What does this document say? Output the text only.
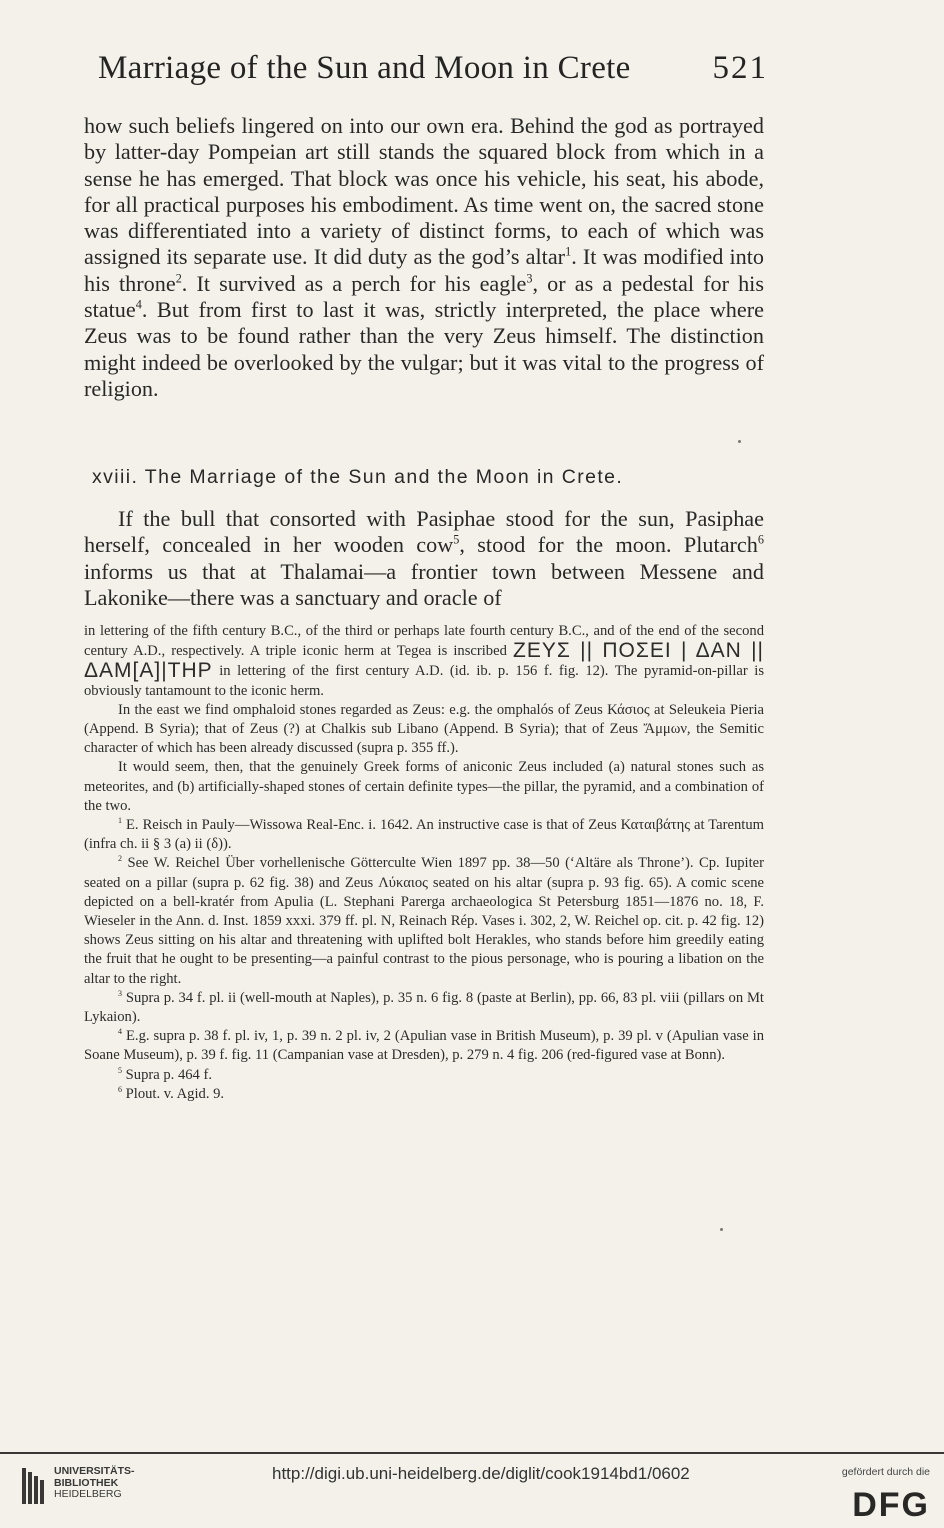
Marriage of the Sun and Moon in Crete 521

how such beliefs lingered on into our own era. Behind the god as portrayed by latter-day Pompeian art still stands the squared block from which in a sense he has emerged. That block was once his vehicle, his seat, his abode, for all practical purposes his embodiment. As time went on, the sacred stone was differentiated into a variety of distinct forms, to each of which was assigned its separate use. It did duty as the god’s altar$^1$. It was modified into his throne$^2$. It survived as a perch for his eagle$^3$, or as a pedestal for his statue$^4$. But from first to last it was, strictly interpreted, the place where Zeus was to be found rather than the very Zeus himself. The distinction might indeed be overlooked by the vulgar; but it was vital to the progress of religion.

xviii. The Marriage of the Sun and the Moon in Crete.

If the bull that consorted with Pasiphae stood for the sun, Pasiphae herself, concealed in her wooden cow$^5$, stood for the moon. Plutarch$^6$ informs us that at Thalamai—a frontier town between Messene and Lakonike—there was a sanctuary and oracle of

in lettering of the fifth century B.C., of the third or perhaps late fourth century B.C., and of the end of the second century A.D., respectively. A triple iconic herm at Tegea is inscribed ΖΕΥΣ || ΠΟΣΕΙ | ΔΑΝ || ΔΑΜ[Α]|ΤΗΡ in lettering of the first century A.D. (id. ib. p. 156 f. fig. 12). The pyramid-on-pillar is obviously tantamount to the iconic herm.

In the east we find omphaloid stones regarded as Zeus: e.g. the omphalós of Zeus Κάσιος at Seleukeia Pieria (Append. B Syria); that of Zeus (?) at Chalkis sub Libano (Append. B Syria); that of Zeus Ἄμμων, the Semitic character of which has been already discussed (supra p. 355 ff.).

It would seem, then, that the genuinely Greek forms of aniconic Zeus included (a) natural stones such as meteorites, and (b) artificially-shaped stones of certain definite types—the pillar, the pyramid, and a combination of the two.

$^1$ E. Reisch in Pauly—Wissowa Real-Enc. i. 1642. An instructive case is that of Zeus Καταιβάτης at Tarentum (infra ch. ii § 3 (a) ii (δ)).

$^2$ See W. Reichel Über vorhellenische Götterculte Wien 1897 pp. 38—50 (‘Altäre als Throne’). Cp. Iupiter seated on a pillar (supra p. 62 fig. 38) and Zeus Λύκαιος seated on his altar (supra p. 93 fig. 65). A comic scene depicted on a bell-kratér from Apulia (L. Stephani Parerga archaeologica St Petersburg 1851—1876 no. 18, F. Wieseler in the Ann. d. Inst. 1859 xxxi. 379 ff. pl. N, Reinach Rép. Vases i. 302, 2, W. Reichel op. cit. p. 42 fig. 12) shows Zeus sitting on his altar and threatening with uplifted bolt Herakles, who stands before him greedily eating the fruit that he ought to be presenting—a painful contrast to the pious personage, who is pouring a libation on the altar to the right.

$^3$ Supra p. 34 f. pl. ii (well-mouth at Naples), p. 35 n. 6 fig. 8 (paste at Berlin), pp. 66, 83 pl. viii (pillars on Mt Lykaion).

$^4$ E.g. supra p. 38 f. pl. iv, 1, p. 39 n. 2 pl. iv, 2 (Apulian vase in British Museum), p. 39 pl. v (Apulian vase in Soane Museum), p. 39 f. fig. 11 (Campanian vase at Dresden), p. 279 n. 4 fig. 206 (red-figured vase at Bonn).

$^5$ Supra p. 464 f.

$^6$ Plout. v. Agid. 9.

UNIVERSITÄTS-
BIBLIOTHEK
HEIDELBERG
http://digi.ub.uni-heidelberg.de/diglit/cook1914bd1/0602	gefördert durch die
DFG
